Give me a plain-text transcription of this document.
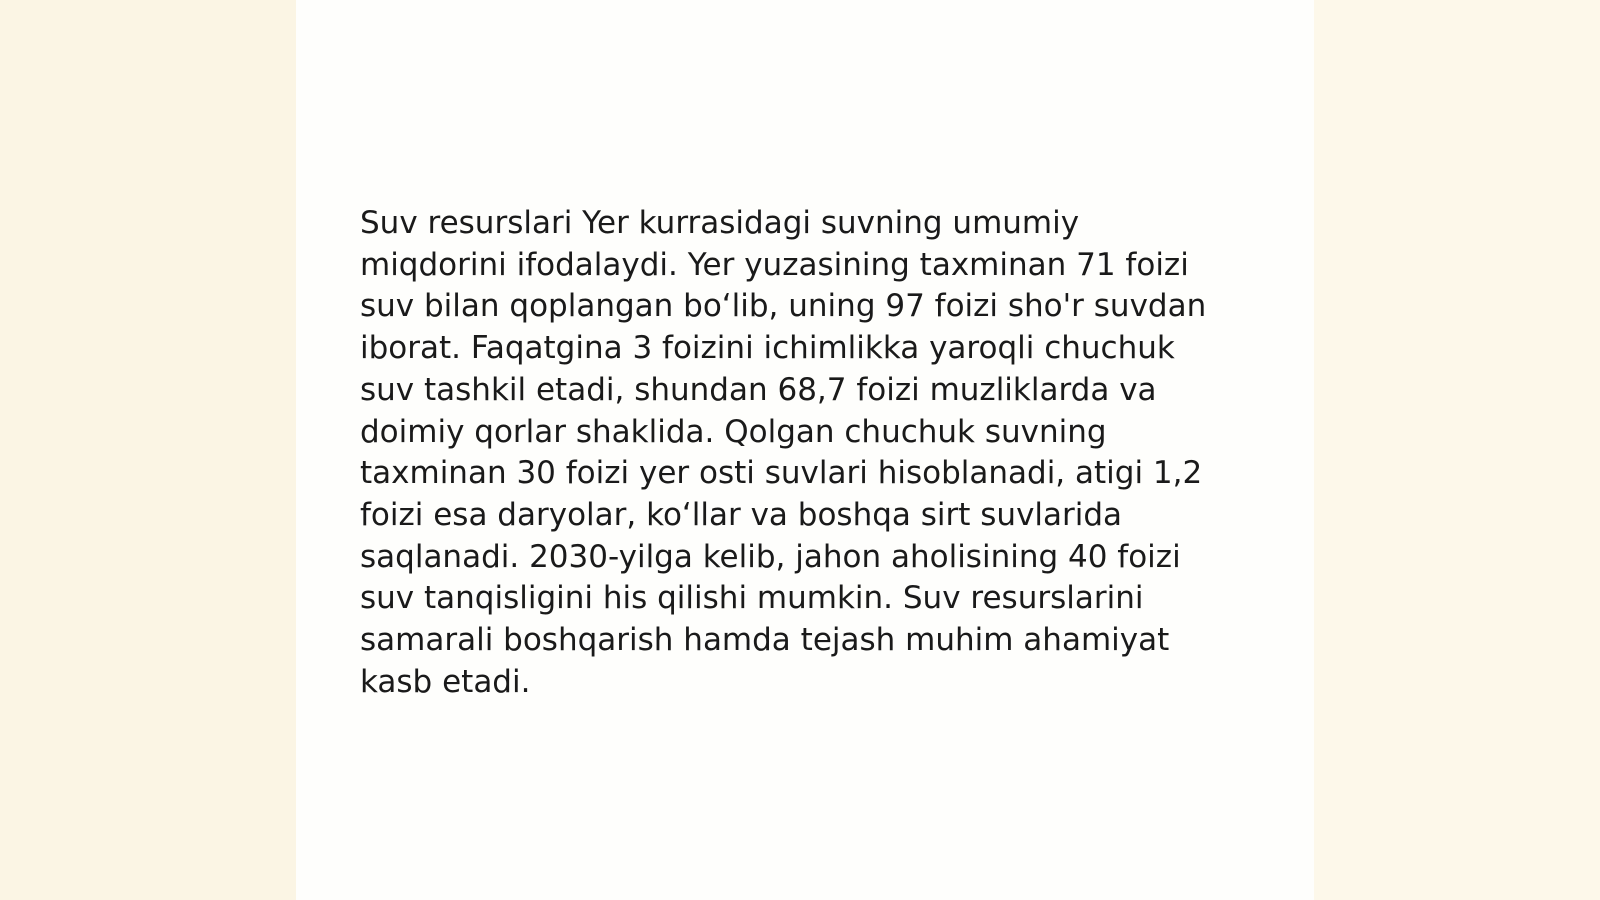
Suv resurslari Yer kurrasidagi suvning umumiy
miqdorini ifodalaydi. Yer yuzasining taxminan 71 foizi
suv bilan qoplangan bo‘lib, uning 97 foizi sho'r suvdan
iborat. Faqatgina 3 foizini ichimlikka yaroqli chuchuk
suv tashkil etadi, shundan 68,7 foizi muzliklarda va
doimiy qorlar shaklida. Qolgan chuchuk suvning
taxminan 30 foizi yer osti suvlari hisoblanadi, atigi 1,2
foizi esa daryolar, ko‘llar va boshqa sirt suvlarida
saqlanadi. 2030-yilga kelib, jahon aholisining 40 foizi
suv tanqisligini his qilishi mumkin. Suv resurslarini
samarali boshqarish hamda tejash muhim ahamiyat
kasb etadi.
